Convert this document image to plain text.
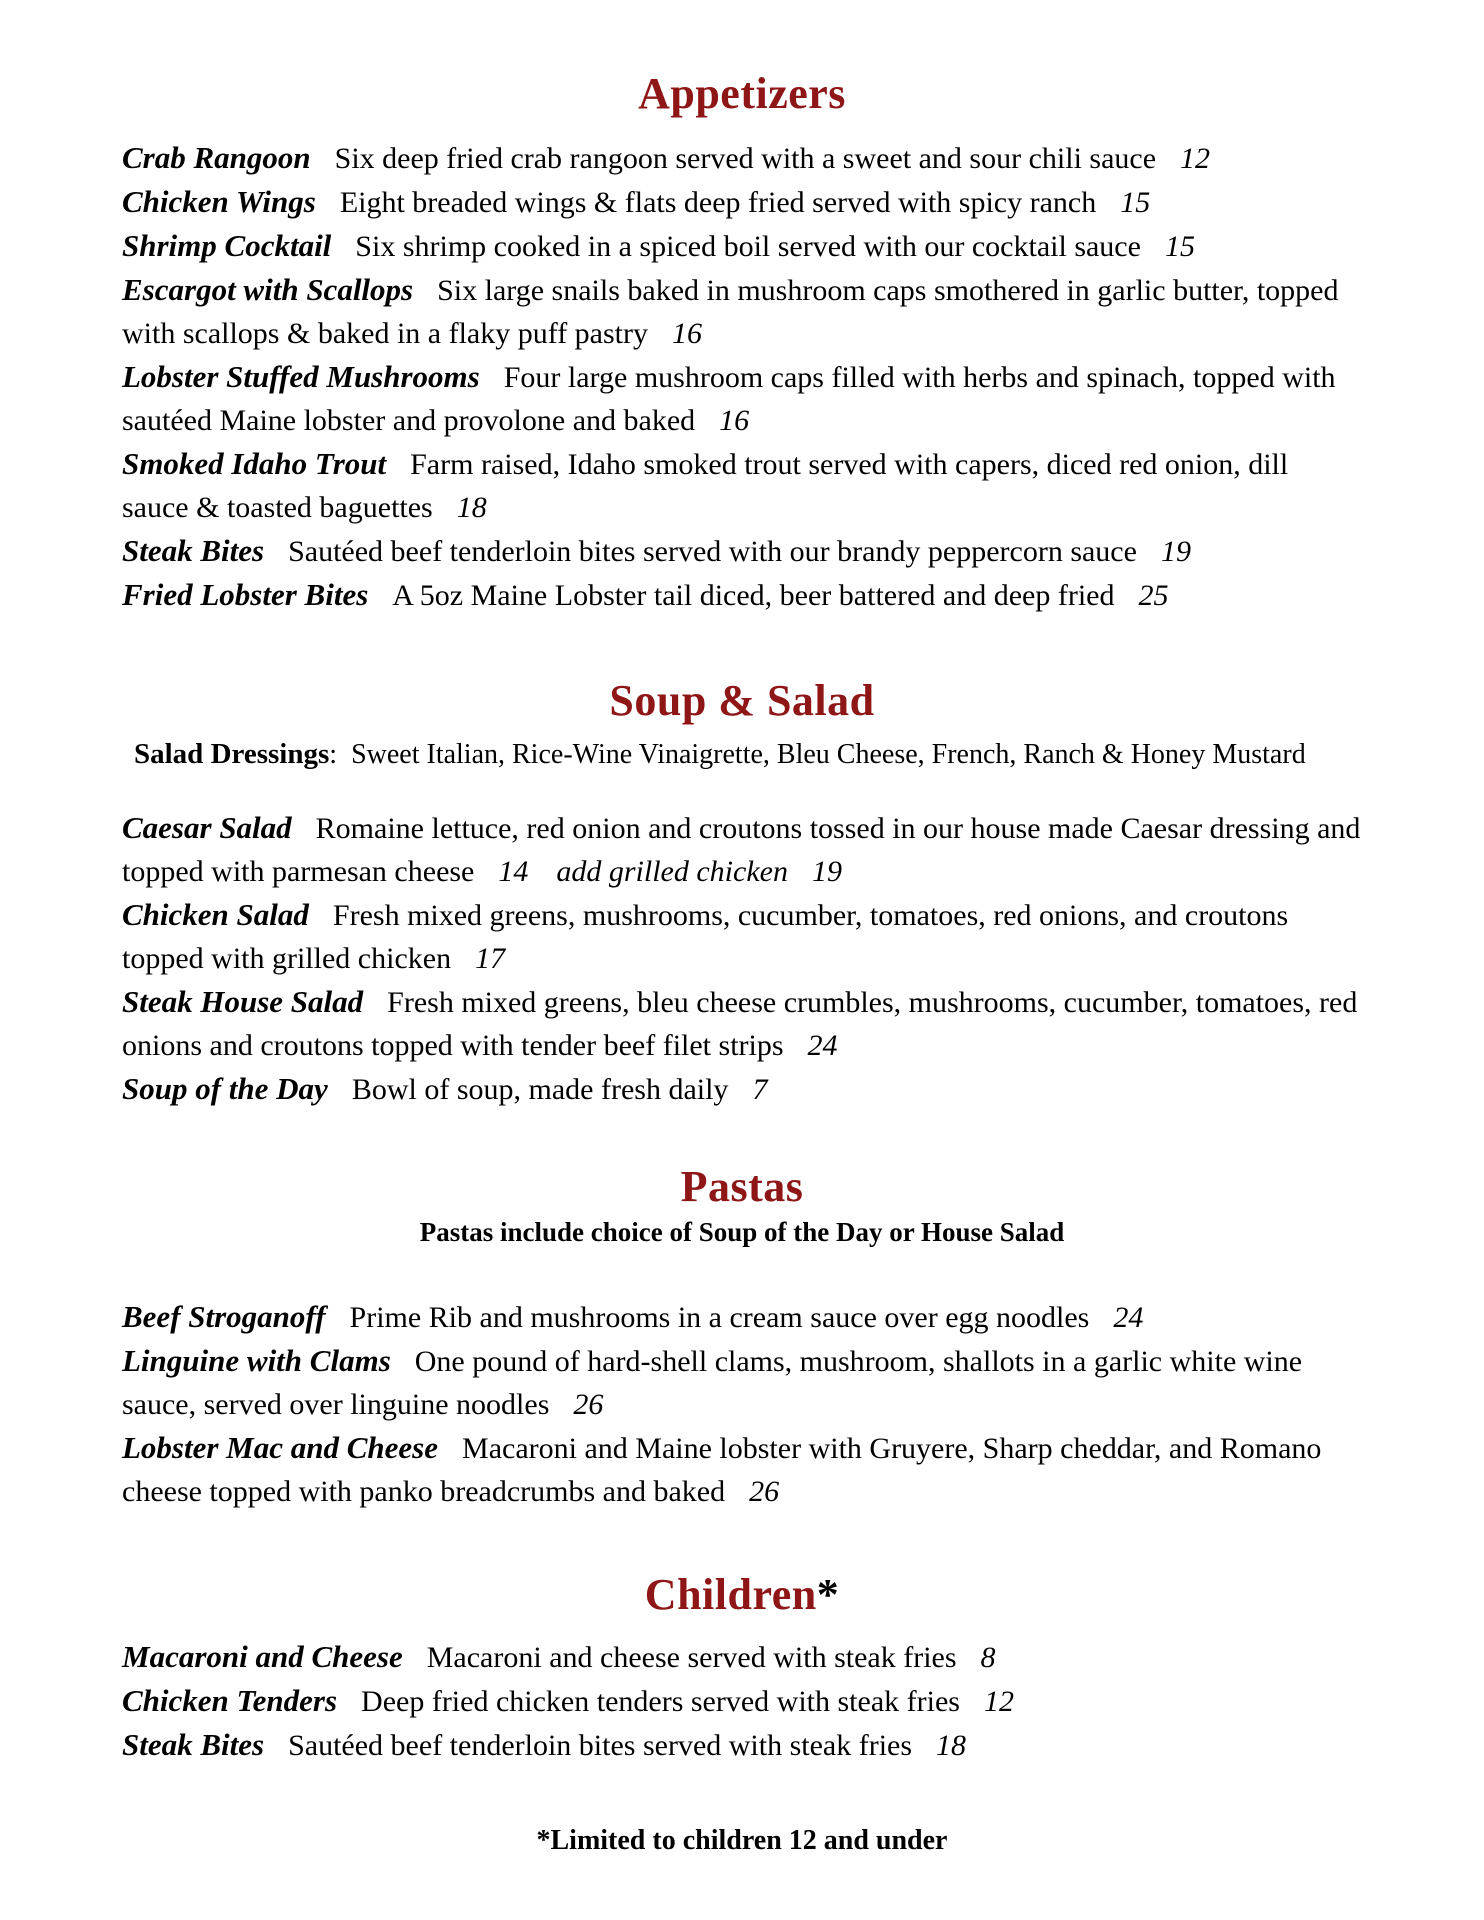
Appetizers

Crab Rangoon Six deep fried crab rangoon served with a sweet and sour chili sauce 12

Chicken Wings Eight breaded wings & flats deep fried served with spicy ranch 15

Shrimp Cocktail Six shrimp cooked in a spiced boil served with our cocktail sauce 15

Escargot with Scallops Six large snails baked in mushroom caps smothered in garlic butter, topped with scallops & baked in a flaky puff pastry 16

Lobster Stuffed Mushrooms Four large mushroom caps filled with herbs and spinach, topped with sautéed Maine lobster and provolone and baked 16

Smoked Idaho Trout Farm raised, Idaho smoked trout served with capers, diced red onion, dill sauce & toasted baguettes 18

Steak Bites Sautéed beef tenderloin bites served with our brandy peppercorn sauce 19

Fried Lobster Bites A 5oz Maine Lobster tail diced, beer battered and deep fried 25

Soup & Salad

Salad Dressings: Sweet Italian, Rice-Wine Vinaigrette, Bleu Cheese, French, Ranch & Honey Mustard

Caesar Salad Romaine lettuce, red onion and croutons tossed in our house made Caesar dressing and topped with parmesan cheese 14 add grilled chicken 19

Chicken Salad Fresh mixed greens, mushrooms, cucumber, tomatoes, red onions, and croutons topped with grilled chicken 17

Steak House Salad Fresh mixed greens, bleu cheese crumbles, mushrooms, cucumber, tomatoes, red onions and croutons topped with tender beef filet strips 24

Soup of the Day Bowl of soup, made fresh daily 7

Pastas

Pastas include choice of Soup of the Day or House Salad

Beef Stroganoff Prime Rib and mushrooms in a cream sauce over egg noodles 24

Linguine with Clams One pound of hard-shell clams, mushroom, shallots in a garlic white wine sauce, served over linguine noodles 26

Lobster Mac and Cheese Macaroni and Maine lobster with Gruyere, Sharp cheddar, and Romano cheese topped with panko breadcrumbs and baked 26

Children*

Macaroni and Cheese Macaroni and cheese served with steak fries 8

Chicken Tenders Deep fried chicken tenders served with steak fries 12

Steak Bites Sautéed beef tenderloin bites served with steak fries 18

*Limited to children 12 and under
